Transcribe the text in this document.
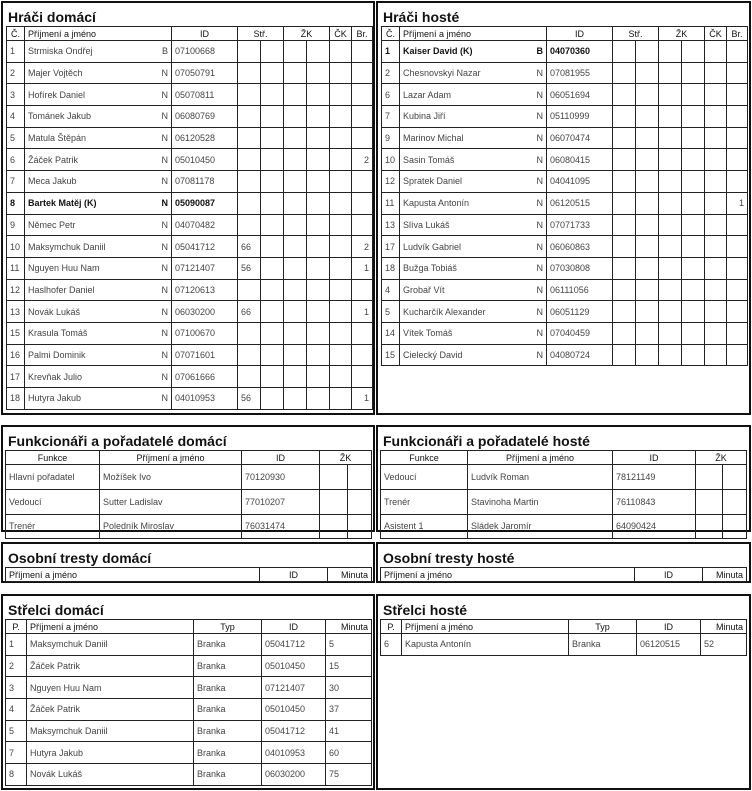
Hráči domácí
Č.	Příjmení a jméno	ID	Stř.		ŽK		ČK	Br.
1	Strmiska Ondřej B	07100668						
2	Majer Vojtěch N	07050791						
3	Hofírek Daniel N	05070811						
4	Tománek Jakub N	06080769						
5	Matula Štěpán N	06120528						
6	Žáček Patrik N	05010450						2
7	Meca Jakub N	07081178						
8	Bartek Matěj (K) N	05090087						
9	Němec Petr N	04070482						
10	Maksymchuk Daniil N	05041712	66					2
11	Nguyen Huu Nam N	07121407	56					1
12	Haslhofer Daniel N	07120613						
13	Novák Lukáš N	06030200	66					1
15	Krasula Tomáš N	07100670						
16	Palmi Dominik N	07071601						
17	Krevňak Julio N	07061666						
18	Hutyra Jakub N	04010953	56					1
Hráči hosté
Č.	Příjmení a jméno	ID	Stř.		ŽK		ČK	Br.
1	Kaiser David (K) B	04070360						
2	Chesnovskyi Nazar N	07081955						
6	Lazar Adam N	06051694						
7	Kubina Jiří N	05110999						
9	Marinov Michal N	06070474						
10	Sasin Tomáš N	06080415						
12	Spratek Daniel N	04041095						
11	Kapusta Antonín N	06120515						1
13	Slíva Lukáš N	07071733						
17	Ludvík Gabriel N	06060863						
18	Bužga Tobiáš N	07030808						
4	Grobař Vít N	06111056						
5	Kucharčík Alexander N	06051129						
14	Vítek Tomáš N	07040459						
15	Cielecký David N	04080724						
Funkcionáři a pořadatelé domácí
Funkce	Příjmení a jméno	ID	ŽK	
Hlavní pořadatel	Možíšek Ivo	70120930		
Vedoucí	Sutter Ladislav	77010207		
Trenér	Poledník Miroslav	76031474		
Funkcionáři a pořadatelé hosté
Funkce	Příjmení a jméno	ID	ŽK	
Vedoucí	Ludvík Roman	78121149		
Trenér	Stavinoha Martin	76110843		
Asistent 1	Sládek Jaromír	64090424		
Osobní tresty domácí
Příjmení a jméno	ID	Minuta
Osobní tresty hosté
Příjmení a jméno	ID	Minuta
Střelci domácí
P.	Příjmení a jméno	Typ	ID	Minuta
1	Maksymchuk Daniil	Branka	05041712	5
2	Žáček Patrik	Branka	05010450	15
3	Nguyen Huu Nam	Branka	07121407	30
4	Žáček Patrik	Branka	05010450	37
5	Maksymchuk Daniil	Branka	05041712	41
7	Hutyra Jakub	Branka	04010953	60
8	Novák Lukáš	Branka	06030200	75
Střelci hosté
P.	Příjmení a jméno	Typ	ID	Minuta
6	Kapusta Antonín	Branka	06120515	52
